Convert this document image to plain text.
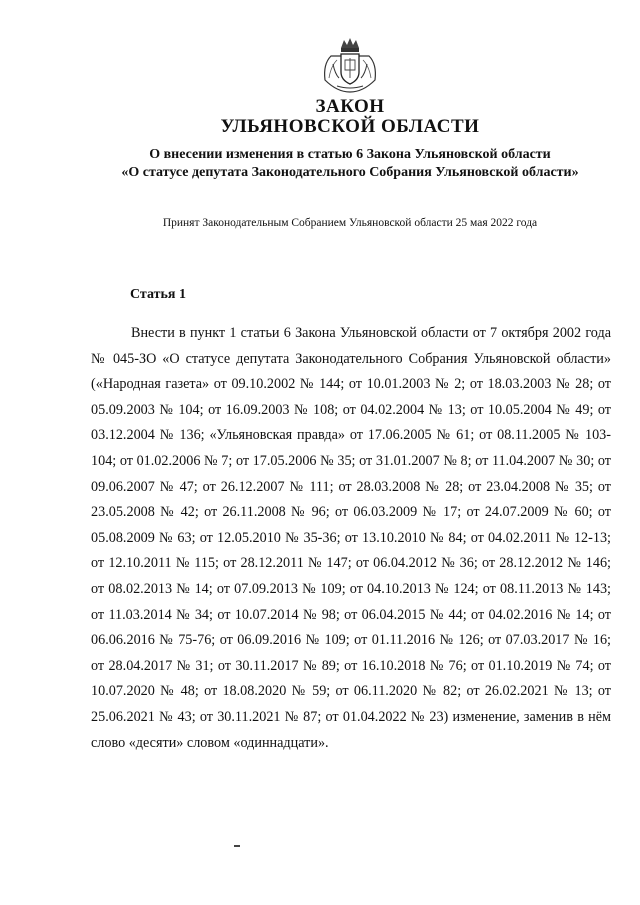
ЗАКОН
УЛЬЯНОВСКОЙ ОБЛАСТИ
О внесении изменения в статью 6 Закона Ульяновской области
«О статусе депутата Законодательного Собрания Ульяновской области»
Принят Законодательным Собранием Ульяновской области 25 мая 2022 года
Статья 1
Внести в пункт 1 статьи 6 Закона Ульяновской области от 7 октября 2002 года № 045-ЗО «О статусе депутата Законодательного Собрания Ульяновской области» («Народная газета» от 09.10.2002 № 144; от 10.01.2003 № 2; от 18.03.2003 № 28; от 05.09.2003 № 104; от 16.09.2003 № 108; от 04.02.2004 № 13; от 10.05.2004 № 49; от 03.12.2004 № 136; «Ульяновская правда» от 17.06.2005 № 61; от 08.11.2005 № 103-104; от 01.02.2006 № 7; от 17.05.2006 № 35; от 31.01.2007 № 8; от 11.04.2007 № 30; от 09.06.2007 № 47; от 26.12.2007 № 111; от 28.03.2008 № 28; от 23.04.2008 № 35; от 23.05.2008 № 42; от 26.11.2008 № 96; от 06.03.2009 № 17; от 24.07.2009 № 60; от 05.08.2009 № 63; от 12.05.2010 № 35-36; от 13.10.2010 № 84; от 04.02.2011 № 12-13; от 12.10.2011 № 115; от 28.12.2011 № 147; от 06.04.2012 № 36; от 28.12.2012 № 146; от 08.02.2013 № 14; от 07.09.2013 № 109; от 04.10.2013 № 124; от 08.11.2013 № 143; от 11.03.2014 № 34; от 10.07.2014 № 98; от 06.04.2015 № 44; от 04.02.2016 № 14; от 06.06.2016 № 75-76; от 06.09.2016 № 109; от 01.11.2016 № 126; от 07.03.2017 № 16; от 28.04.2017 № 31; от 30.11.2017 № 89; от 16.10.2018 № 76; от 01.10.2019 № 74; от 10.07.2020 № 48; от 18.08.2020 № 59; от 06.11.2020 № 82; от 26.02.2021 № 13; от 25.06.2021 № 43; от 30.11.2021 № 87; от 01.04.2022 № 23) изменение, заменив в нём слово «десяти» словом «одиннадцати».
